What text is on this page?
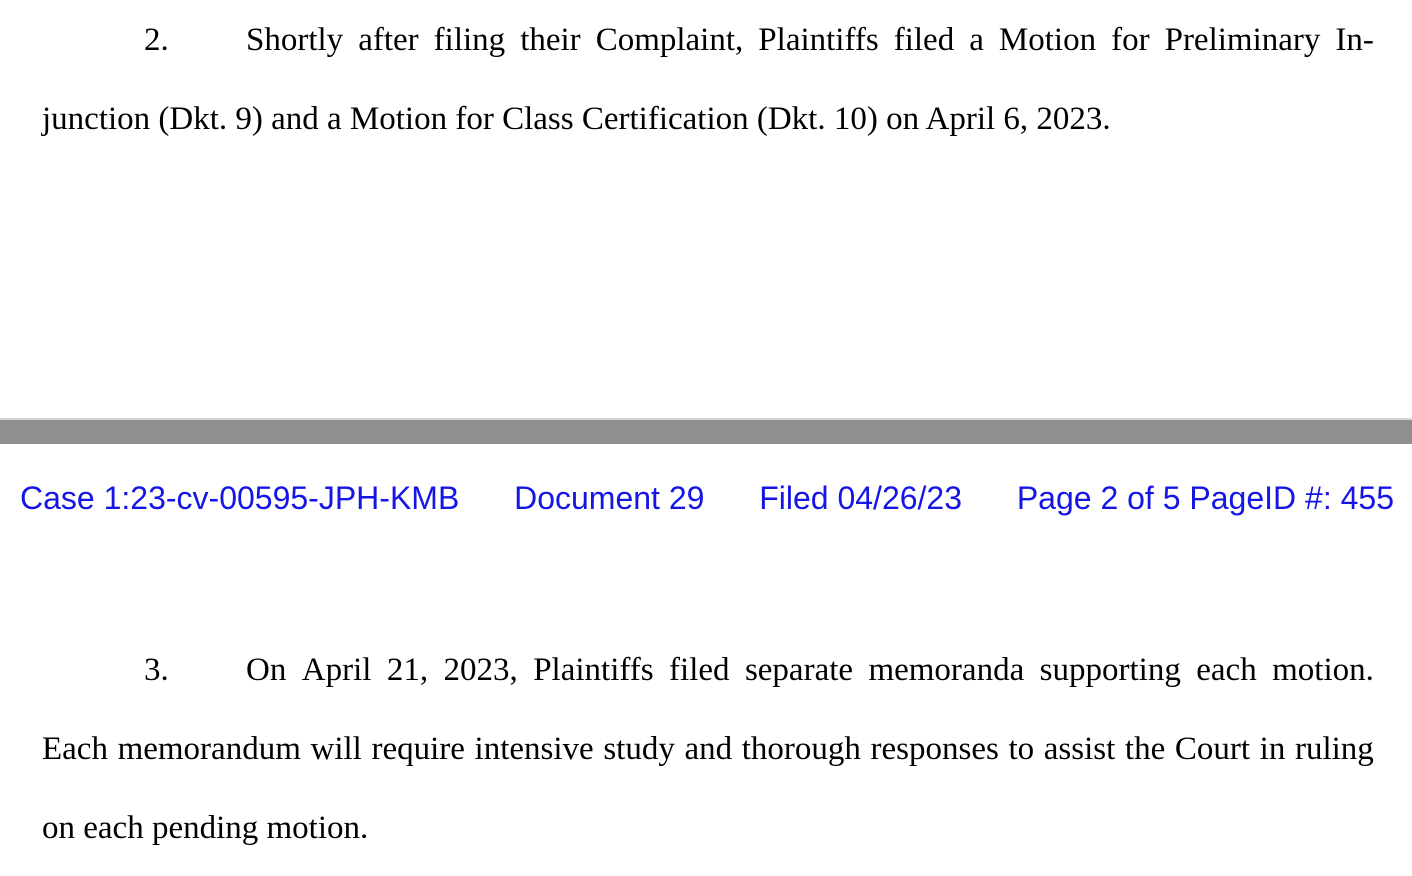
2. Shortly after filing their Complaint, Plaintiffs filed a Motion for Preliminary In-
junction (Dkt. 9) and a Motion for Class Certification (Dkt. 10) on April 6, 2023.
Case 1:23-cv-00595-JPH-KMB Document 29 Filed 04/26/23 Page 2 of 5 PageID #: 455
3. On April 21, 2023, Plaintiffs filed separate memoranda supporting each motion.
Each memorandum will require intensive study and thorough responses to assist the Court in ruling
on each pending motion.
